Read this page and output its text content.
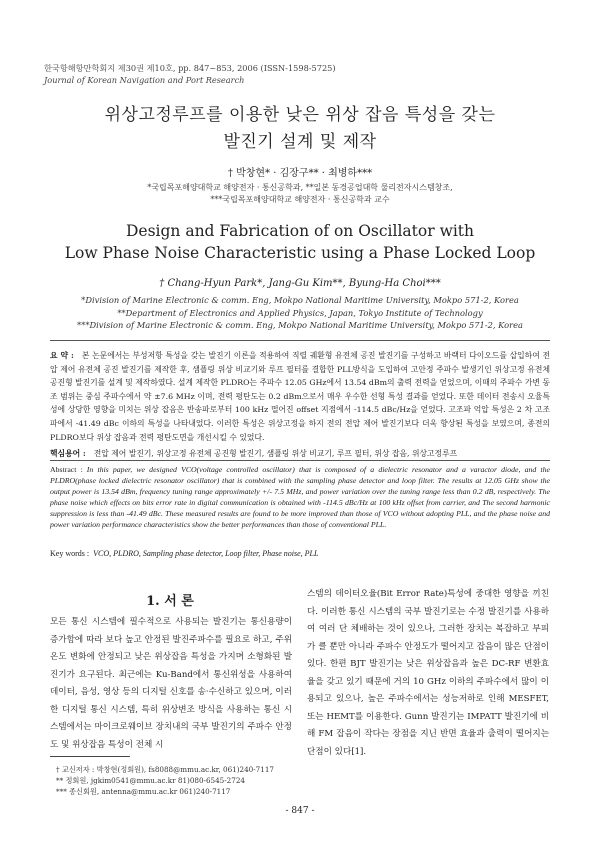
한국항해항만학회지 제30권 제10호, pp. 847~853, 2006 (ISSN-1598-5725)
Journal of Korean Navigation and Port Research
위상고정루프를 이용한 낮은 위상 잡음 특성을 갖는
발진기 설계 및 제작
† 박창현* · 김장구** · 최병하***
*국립목포해양대학교 해양전자 · 통신공학과, **일본 동경공업대학 물리전자시스템창조,
***국립목포해양대학교 해양전자 · 통신공학과 교수
Design and Fabrication of on Oscillator with
Low Phase Noise Characteristic using a Phase Locked Loop
† Chang-Hyun Park*, Jang-Gu Kim**, Byung-Ha Choi***
*Division of Marine Electronic & comm. Eng, Mokpo National Maritime University, Mokpo 571-2, Korea
**Department of Electronics and Applied Physics, Japan, Tokyo Institute of Technology
***Division of Marine Electronic & comm. Eng, Mokpo National Maritime University, Mokpo 571-2, Korea
요 약 : 본 논문에서는 부성저항 특성을 갖는 발진기 이론을 적용하여 직렬 궤환형 유전체 공진 발진기를 구성하고 바랙터 다이오드를 삽입하여 전압 제어 유전체 공진 발진기를 제작한 후, 샘플링 위상 비교기와 루프 필터를 결합한 PLL방식을 도입하여 고안정 주파수 발생기인 위상고정 유전체 공진형 발진기를 설계 및 제작하였다. 설계 제작한 PLDRO는 주파수 12.05 GHz에서 13.54 dBm의 출력 전력을 얻었으며, 이때의 주파수 가변 동조 범위는 중심 주파수에서 약 ±7.6 MHz 이며, 전력 평탄도는 0.2 dBm으로서 매우 우수한 선형 특성 결과를 얻었다. 또한 데이터 전송시 오율특성에 상당한 영향을 미치는 위상 잡음은 반송파로부터 100 kHz 떨어진 offset 지점에서 -114.5 dBc/Hz을 얻었다. 고조파 억압 특성은 2 차 고조파에서 -41.49 dBc 이하의 특성을 나타내었다. 이러한 특성은 위상고정을 하지 전의 전압 제어 발진기보다 더욱 향상된 특성을 보였으며, 종전의 PLDRO보다 위상 잡음과 전력 평탄도면을 개선시킬 수 있었다.
핵심용어 : 전압 제어 발진기, 위상고정 유전체 공진형 발진기, 샘플링 위상 비교기, 루프 필터, 위상 잡음, 위상고정루프
Abstract : In this paper, we designed VCO(voltage controlled oscillator) that is composed of a dielectric resonator and a varactor diode, and the PLDRO(phase locked dielectric resonator oscillator) that is combined with the sampling phase detector and loop filter. The results at 12.05 GHz show the output power is 13.54 dBm, frequency tuning range approximately +/- 7.5 MHz, and power variation over the tuning range less than 0.2 dB, respectively. The phase noise which effects on bits error rate in digital communication is obtained with -114.5 dBc/Hz at 100 kHz offset from carrier, and The second harmonic suppression is less than -41.49 dBc. These measured results are found to be more improved than those of VCO without adopting PLL, and the phase noise and power variation performance characteristics show the better performances than those of conventional PLL.
Key words : VCO, PLDRO, Sampling phase detector, Loop filter, Phase noise, PLL
1. 서 론
모든 통신 시스템에 필수적으로 사용되는 발진기는 통신용량이 증가함에 따라 보다 높고 안정된 발진주파수를 필요로 하고, 주위 온도 변화에 안정되고 낮은 위상잡음 특성을 가지며 소형화된 발진기가 요구된다. 최근에는 Ku-Band에서 통신위성을 사용하여 데이터, 음성, 영상 등의 디지털 신호를 송·수신하고 있으며, 이러한 디지털 통신 시스템, 특히 위상변조 방식을 사용하는 통신 시스템에서는 마이크로웨이브 장치내의 국부 발진기의 주파수 안정도 및 위상잡음 특성이 전체 시
스템의 데이터오율(Bit Error Rate)특성에 중대한 영향을 끼친다. 이러한 통신 시스템의 국부 발진기로는 수정 발진기를 사용하여 여러 단 체배하는 것이 있으나, 그러한 장치는 복잡하고 부피가 클 뿐만 아니라 주파수 안정도가 떨어지고 잡음이 많은 단점이 있다. 한편 BJT 발진기는 낮은 위상잡음과 높은 DC-RF 변환효율을 갖고 있기 때문에 거의 10 GHz 이하의 주파수에서 많이 이용되고 있으나, 높은 주파수에서는 성능저하로 인해 MESFET, 또는 HEMT를 이용한다. Gunn 발진기는 IMPATT 발진기에 비해 FM 잡음이 작다는 장점을 지닌 반면 효율과 출력이 떨어지는 단점이 있다[1].
† 교신저자 : 박창현(정회원), fs8088@mmu.ac.kr, 061)240-7117
** 정회원, jgkim0541@mmu.ac.kr 81)080-6545-2724
*** 종신회원, antenna@mmu.ac.kr 061)240-7117
- 847 -
